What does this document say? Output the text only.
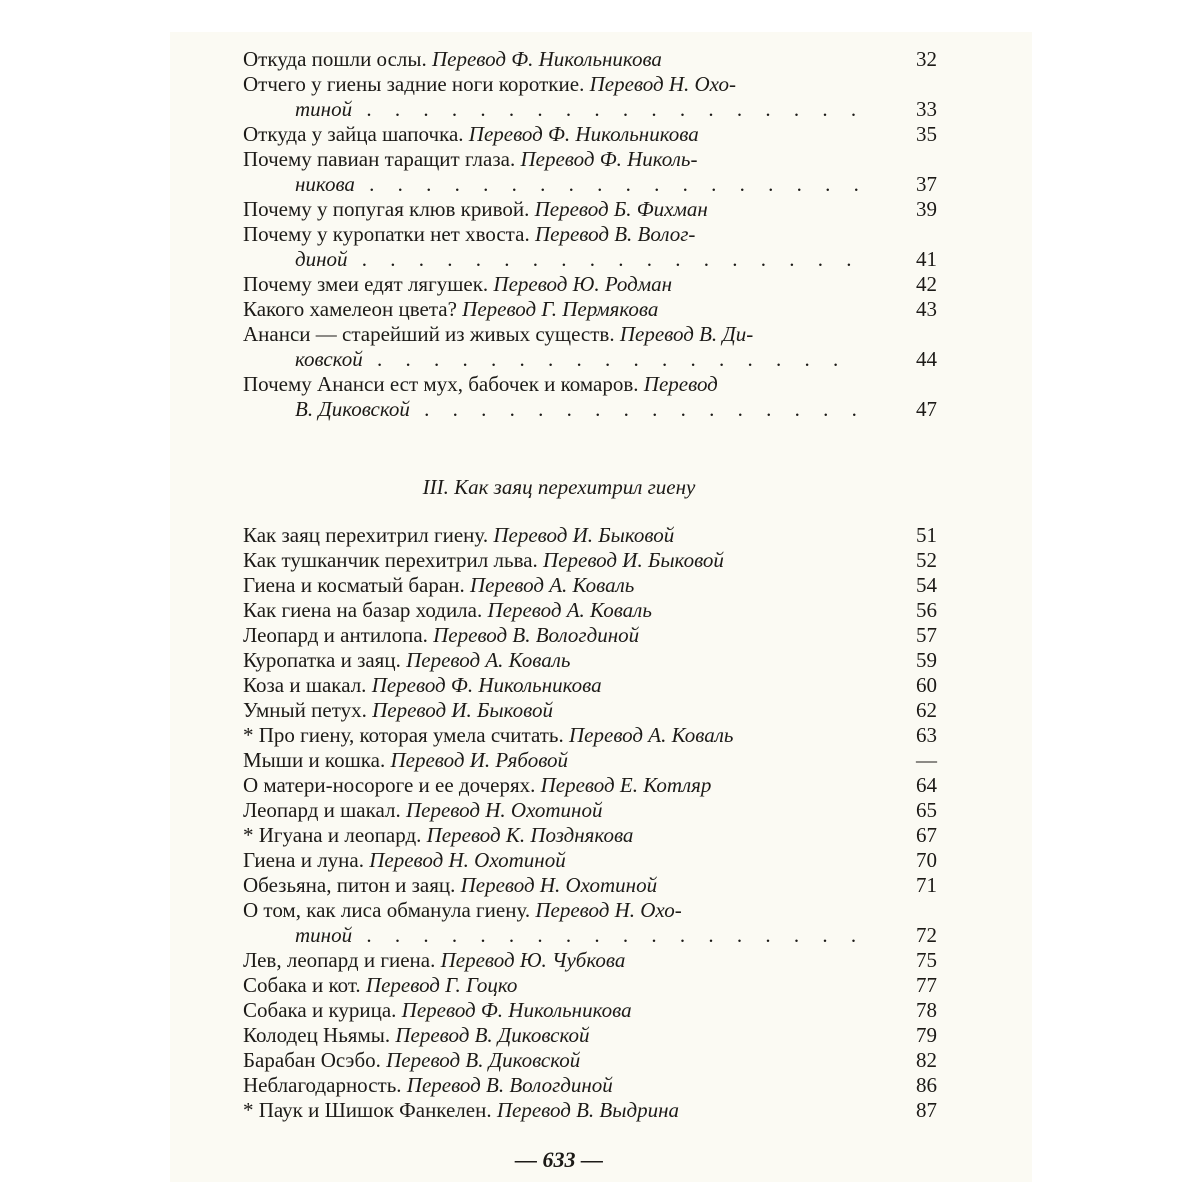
Откуда пошли ослы. Перевод Ф. Никольникова	32
Отчего у гиены задние ноги короткие. Перевод Н. Охо-
тиной . . . . . . . . . . . . . . . . . .	33
Откуда у зайца шапочка. Перевод Ф. Никольникова	35
Почему павиан таращит глаза. Перевод Ф. Николь-
никова . . . . . . . . . . . . . . . . . .	37
Почему у попугая клюв кривой. Перевод Б. Фихман	39
Почему у куропатки нет хвоста. Перевод В. Волог-
диной . . . . . . . . . . . . . . . . . .	41
Почему змеи едят лягушек. Перевод Ю. Родман	42
Какого хамелеон цвета? Перевод Г. Пермякова	43
Ананси — старейший из живых существ. Перевод В. Ди-
ковской . . . . . . . . . . . . . . . . .	44
Почему Ананси ест мух, бабочек и комаров. Перевод
В. Диковской . . . . . . . . . . . . . . . .	47
III. Как заяц перехитрил гиену
Как заяц перехитрил гиену. Перевод И. Быковой	51
Как тушканчик перехитрил льва. Перевод И. Быковой	52
Гиена и косматый баран. Перевод А. Коваль	54
Как гиена на базар ходила. Перевод А. Коваль	56
Леопард и антилопа. Перевод В. Вологдиной	57
Куропатка и заяц. Перевод А. Коваль	59
Коза и шакал. Перевод Ф. Никольникова	60
Умный петух. Перевод И. Быковой	62
* Про гиену, которая умела считать. Перевод А. Коваль	63
Мыши и кошка. Перевод И. Рябовой	—
О матери-носороге и ее дочерях. Перевод Е. Котляр	64
Леопард и шакал. Перевод Н. Охотиной	65
* Игуана и леопард. Перевод К. Позднякова	67
Гиена и луна. Перевод Н. Охотиной	70
Обезьяна, питон и заяц. Перевод Н. Охотиной	71
О том, как лиса обманула гиену. Перевод Н. Охо-
тиной . . . . . . . . . . . . . . . . . .	72
Лев, леопард и гиена. Перевод Ю. Чубкова	75
Собака и кот. Перевод Г. Гоцко	77
Собака и курица. Перевод Ф. Никольникова	78
Колодец Ньямы. Перевод В. Диковской	79
Барабан Осэбо. Перевод В. Диковской	82
Неблагодарность. Перевод В. Вологдиной	86
* Паук и Шишок Фанкелен. Перевод В. Выдрина	87
— 633 —
